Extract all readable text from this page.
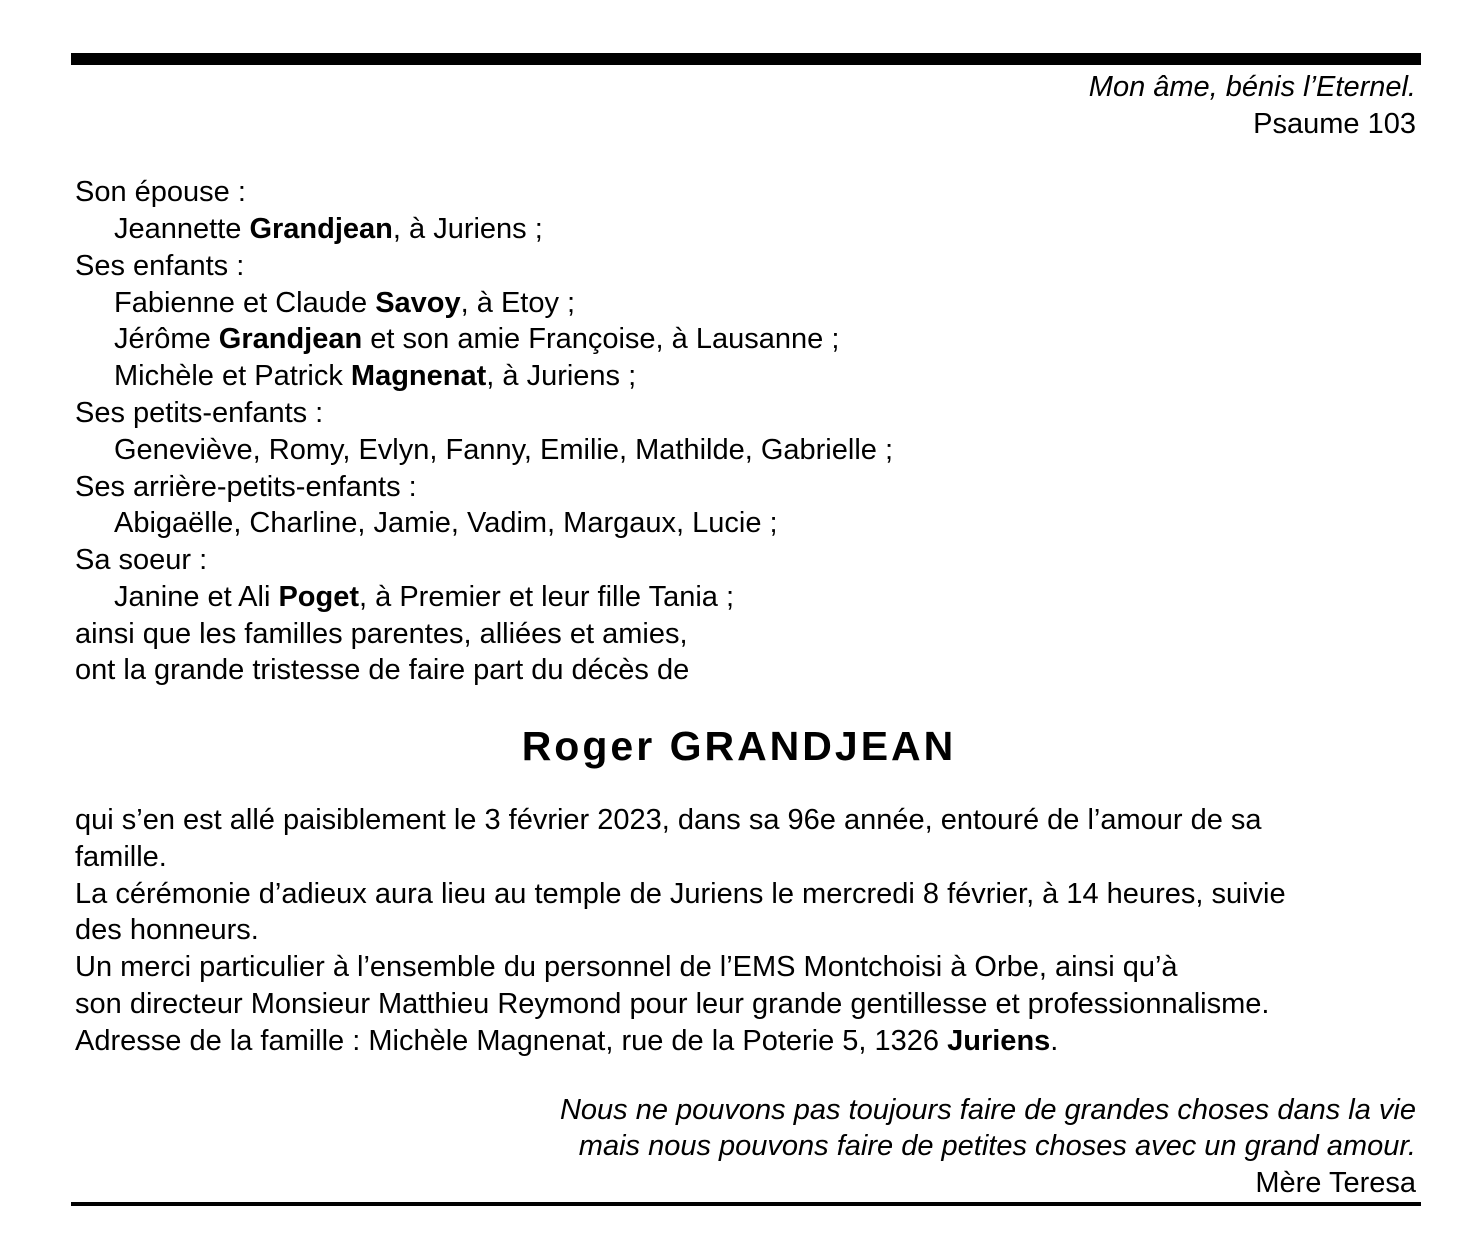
Mon âme, bénis l’Eternel.
Psaume 103
Son épouse :
Jeannette Grandjean, à Juriens ;
Ses enfants :
Fabienne et Claude Savoy, à Etoy ;
Jérôme Grandjean et son amie Françoise, à Lausanne ;
Michèle et Patrick Magnenat, à Juriens ;
Ses petits-enfants :
Geneviève, Romy, Evlyn, Fanny, Emilie, Mathilde, Gabrielle ;
Ses arrière-petits-enfants :
Abigaëlle, Charline, Jamie, Vadim, Margaux, Lucie ;
Sa soeur :
Janine et Ali Poget, à Premier et leur fille Tania ;
ainsi que les familles parentes, alliées et amies,
ont la grande tristesse de faire part du décès de
Roger GRANDJEAN
qui s’en est allé paisiblement le 3 février 2023, dans sa 96e année, entouré de l’amour de sa
famille.
La cérémonie d’adieux aura lieu au temple de Juriens le mercredi 8 février, à 14 heures, suivie
des honneurs.
Un merci particulier à l’ensemble du personnel de l’EMS Montchoisi à Orbe, ainsi qu’à
son directeur Monsieur Matthieu Reymond pour leur grande gentillesse et professionnalisme.
Adresse de la famille : Michèle Magnenat, rue de la Poterie 5, 1326 Juriens.
Nous ne pouvons pas toujours faire de grandes choses dans la vie
mais nous pouvons faire de petites choses avec un grand amour.
Mère Teresa
